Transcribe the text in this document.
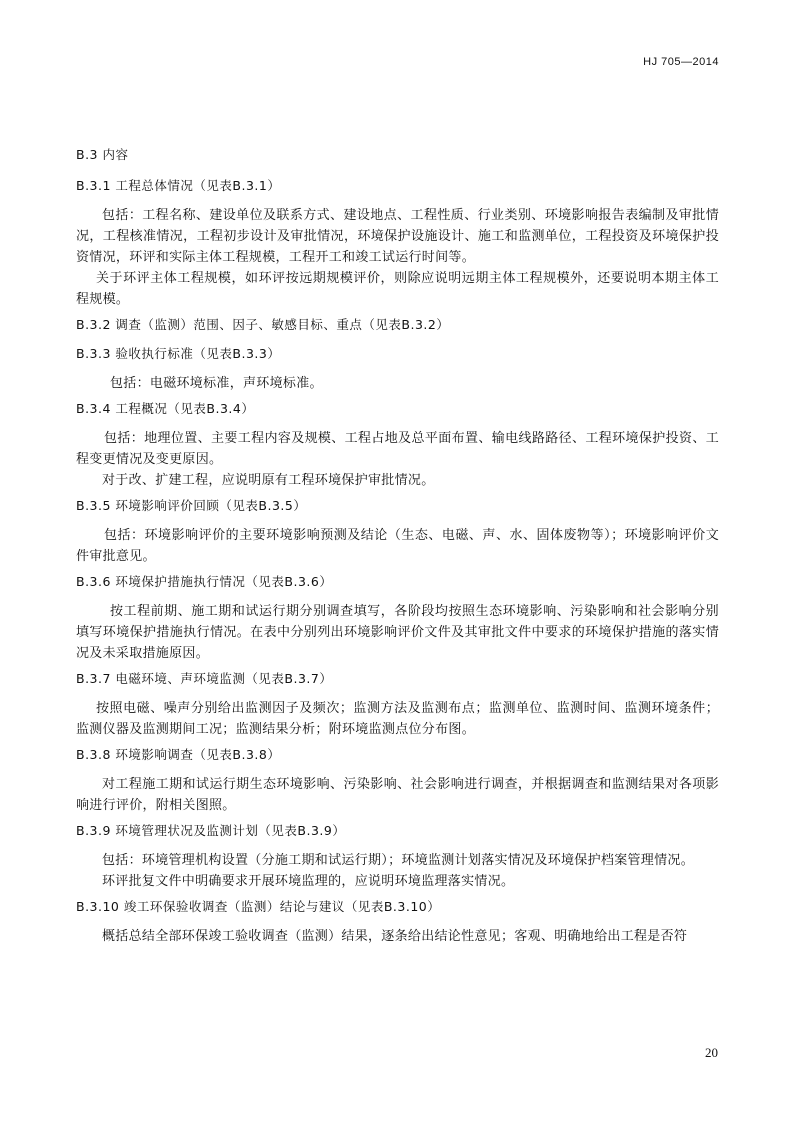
HJ 705—2014
B.3 内容
B.3.1 工程总体情况（见表B.3.1）

包括：工程名称、建设单位及联系方式、建设地点、工程性质、行业类别、环境影响报告表编制及审批情况，工程核准情况，工程初步设计及审批情况，环境保护设施设计、施工和监测单位，工程投资及环境保护投资情况，环评和实际主体工程规模，工程开工和竣工试运行时间等。

关于环评主体工程规模，如环评按远期规模评价，则除应说明远期主体工程规模外，还要说明本期主体工程规模。

B.3.2 调查（监测）范围、因子、敏感目标、重点（见表B.3.2）
B.3.3 验收执行标准（见表B.3.3）

包括：电磁环境标准，声环境标准。

B.3.4 工程概况（见表B.3.4）

包括：地理位置、主要工程内容及规模、工程占地及总平面布置、输电线路路径、工程环境保护投资、工程变更情况及变更原因。

对于改、扩建工程，应说明原有工程环境保护审批情况。

B.3.5 环境影响评价回顾（见表B.3.5）

包括：环境影响评价的主要环境影响预测及结论（生态、电磁、声、水、固体废物等）；环境影响评价文件审批意见。

B.3.6 环境保护措施执行情况（见表B.3.6）

按工程前期、施工期和试运行期分别调查填写，各阶段均按照生态环境影响、污染影响和社会影响分别填写环境保护措施执行情况。在表中分别列出环境影响评价文件及其审批文件中要求的环境保护措施的落实情况及未采取措施原因。

B.3.7 电磁环境、声环境监测（见表B.3.7）

按照电磁、噪声分别给出监测因子及频次；监测方法及监测布点；监测单位、监测时间、监测环境条件；监测仪器及监测期间工况；监测结果分析；附环境监测点位分布图。

B.3.8 环境影响调查（见表B.3.8）

对工程施工期和试运行期生态环境影响、污染影响、社会影响进行调查，并根据调查和监测结果对各项影响进行评价，附相关图照。

B.3.9 环境管理状况及监测计划（见表B.3.9）

包括：环境管理机构设置（分施工期和试运行期）；环境监测计划落实情况及环境保护档案管理情况。

环评批复文件中明确要求开展环境监理的，应说明环境监理落实情况。

B.3.10 竣工环保验收调查（监测）结论与建议（见表B.3.10）

概括总结全部环保竣工验收调查（监测）结果，逐条给出结论性意见；客观、明确地给出工程是否符

20
